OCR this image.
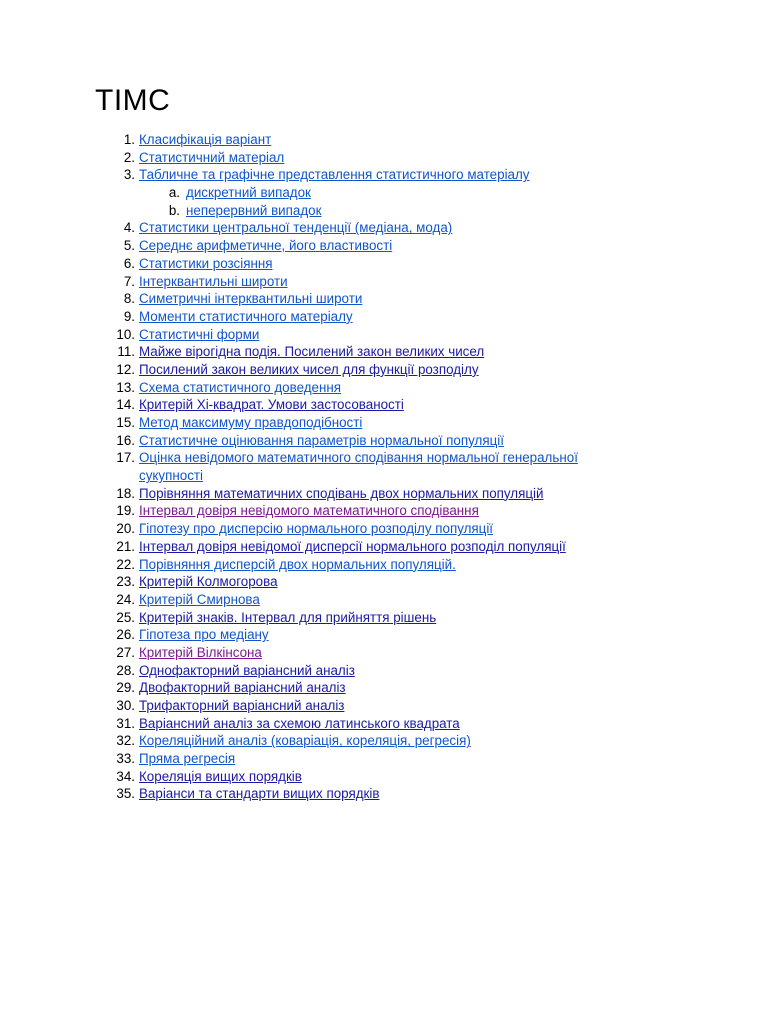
ТІМС
1. Класифікація варіант
2. Статистичний матеріал
3. Табличне та графічне представлення статистичного матеріалу
a. дискретний випадок
b. неперервний випадок
4. Статистики центральної тенденції (медіана, мода)
5. Середнє арифметичне, його властивості
6. Статистики розсіяння
7. Інтерквантильні широти
8. Симетричні інтерквантильні широти
9. Моменти статистичного матеріалу
10. Статистичні форми
11. Майже вірогідна подія. Посилений закон великих чисел
12. Посилений закон великих чисел для функції розподілу
13. Схема статистичного доведення
14. Критерій Хі-квадрат. Умови застосованості
15. Метод максимуму правдоподібності
16. Статистичне оцінювання параметрів нормальної популяції
17. Оцінка невідомого математичного сподівання нормальної генеральної сукупності
18. Порівняння математичних сподівань двох нормальних популяцій
19. Інтервал довіря невідомого математичного сподівання
20. Гіпотезу про дисперсію нормального розподілу популяції
21. Інтервал довіря невідомої дисперсії нормального розподіл популяції
22. Порівняння дисперсій двох нормальних популяцій.
23. Критерій Колмогорова
24. Критерій Смирнова
25. Критерій знаків. Інтервал для прийняття рішень
26. Гіпотеза про медіану
27. Критерій Вілкінсона
28. Однофакторний варіансний аналіз
29. Двофакторний варіансний аналіз
30. Трифакторний варіансний аналіз
31. Варіансний аналіз за схемою латинського квадрата
32. Кореляційний аналіз (коваріація, кореляція, регресія)
33. Пряма регресія
34. Кореляція вищих порядків
35. Варіанси та стандарти вищих порядків
